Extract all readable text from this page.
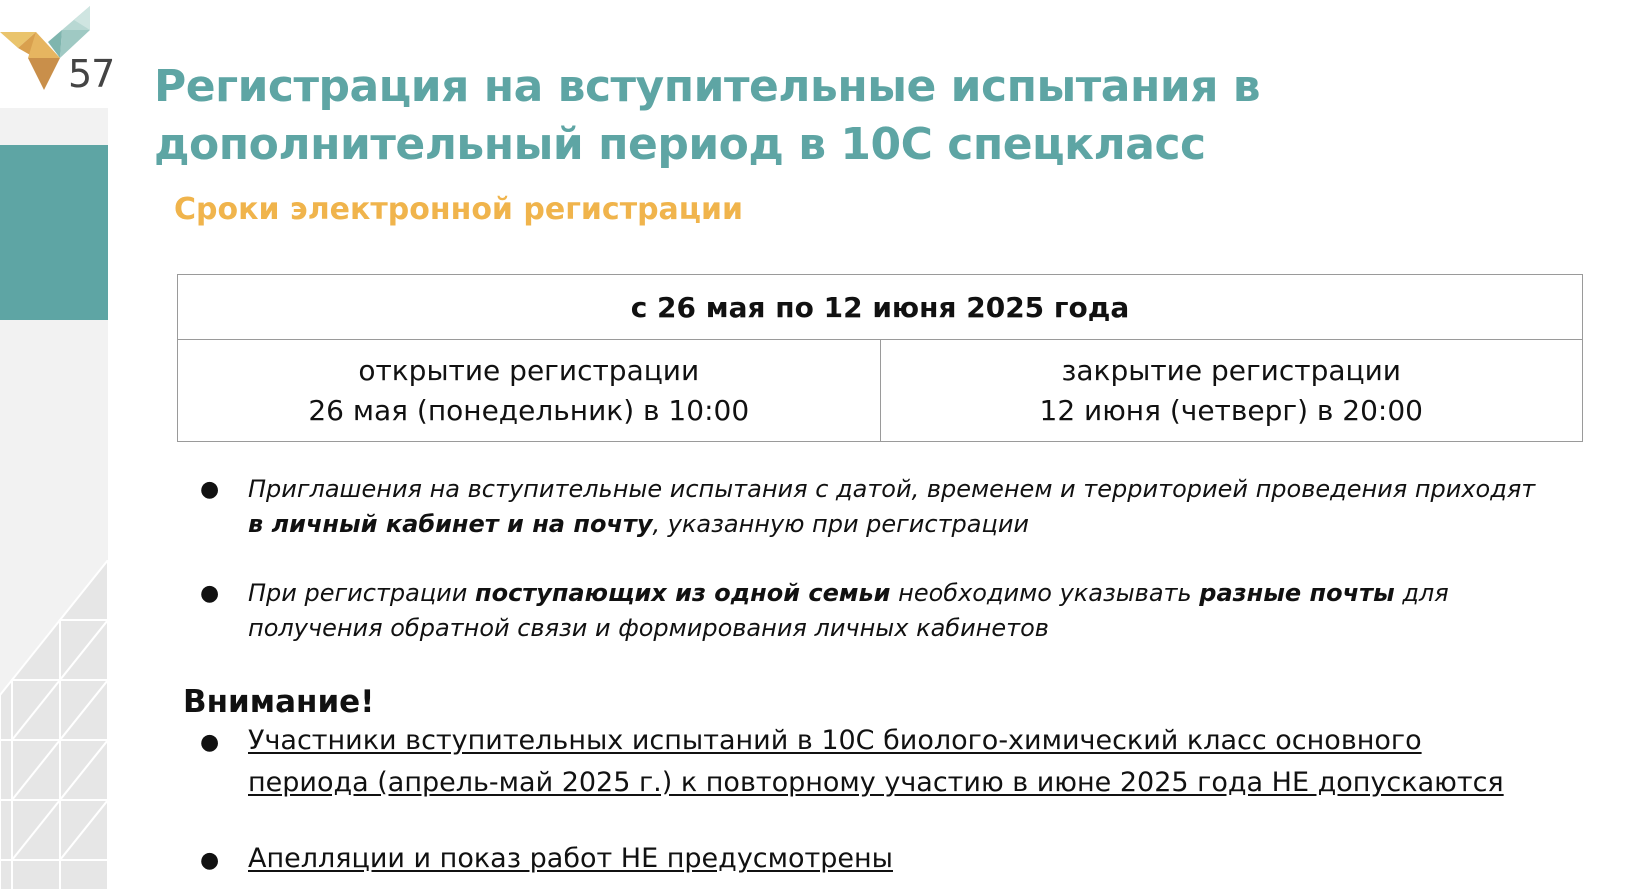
57 Регистрация на вступительные испытания в дополнительный период в 10С спецкласс
Сроки электронной регистрации
с 26 мая по 12 июня 2025 года

открытие регистрации
26 мая (понедельник) в 10:00

закрытие регистрации
12 июня (четверг) в 20:00
● Приглашения на вступительные испытания с датой, временем и территорией проведения приходят в личный кабинет и на почту, указанную при регистрации
● При регистрации поступающих из одной семьи необходимо указывать разные почты для получения обратной связи и формирования личных кабинетов
Внимание!
● Участники вступительных испытаний в 10С биолого-химический класс основного периода (апрель-май 2025 г.) к повторному участию в июне 2025 года НЕ допускаются
● Апелляции и показ работ НЕ предусмотрены
